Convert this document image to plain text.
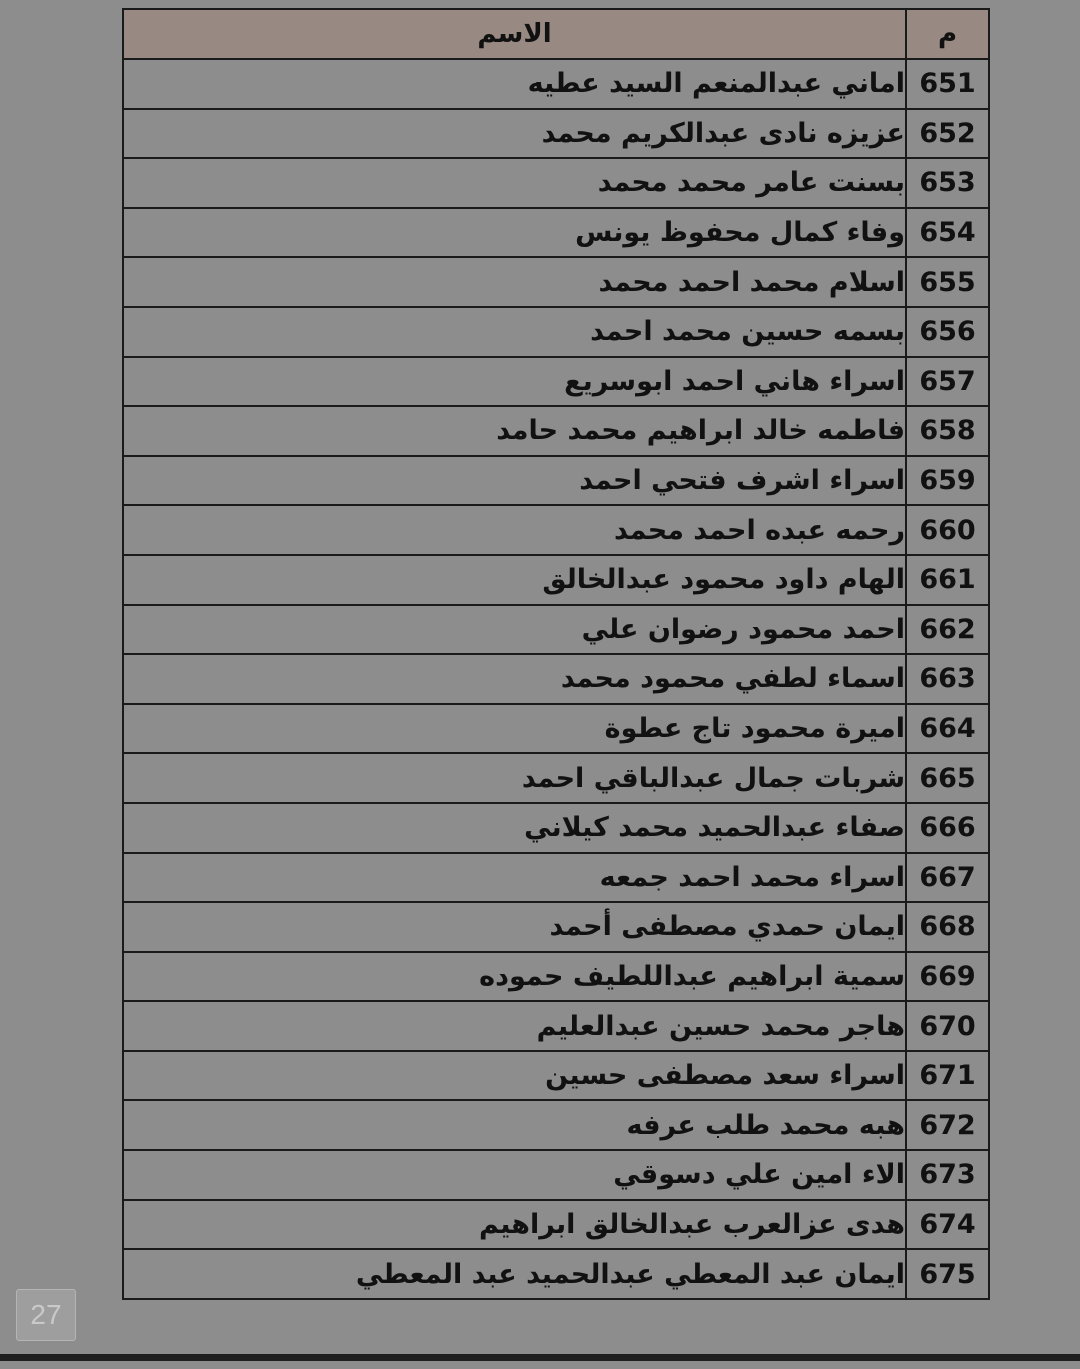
م	الاسم
651	اماني عبدالمنعم السيد عطيه
652	عزيزه نادى عبدالكريم محمد
653	بسنت عامر محمد محمد
654	وفاء كمال محفوظ يونس
655	اسلام محمد احمد محمد
656	بسمه حسين محمد احمد
657	اسراء هاني احمد ابوسريع
658	فاطمه خالد ابراهيم محمد حامد
659	اسراء اشرف فتحي احمد
660	رحمه عبده احمد محمد
661	الهام داود محمود عبدالخالق
662	احمد محمود رضوان علي
663	اسماء لطفي محمود محمد
664	اميرة محمود تاج عطوة
665	شربات جمال عبدالباقي احمد
666	صفاء عبدالحميد محمد كيلاني
667	اسراء محمد احمد جمعه
668	ايمان حمدي مصطفى أحمد
669	سمية ابراهيم عبداللطيف حموده
670	هاجر محمد حسين عبدالعليم
671	اسراء سعد مصطفى حسين
672	هبه محمد طلب عرفه
673	الاء امين علي دسوقي
674	هدى عزالعرب عبدالخالق ابراهيم
675	ايمان عبد المعطي عبدالحميد عبد المعطي
27
